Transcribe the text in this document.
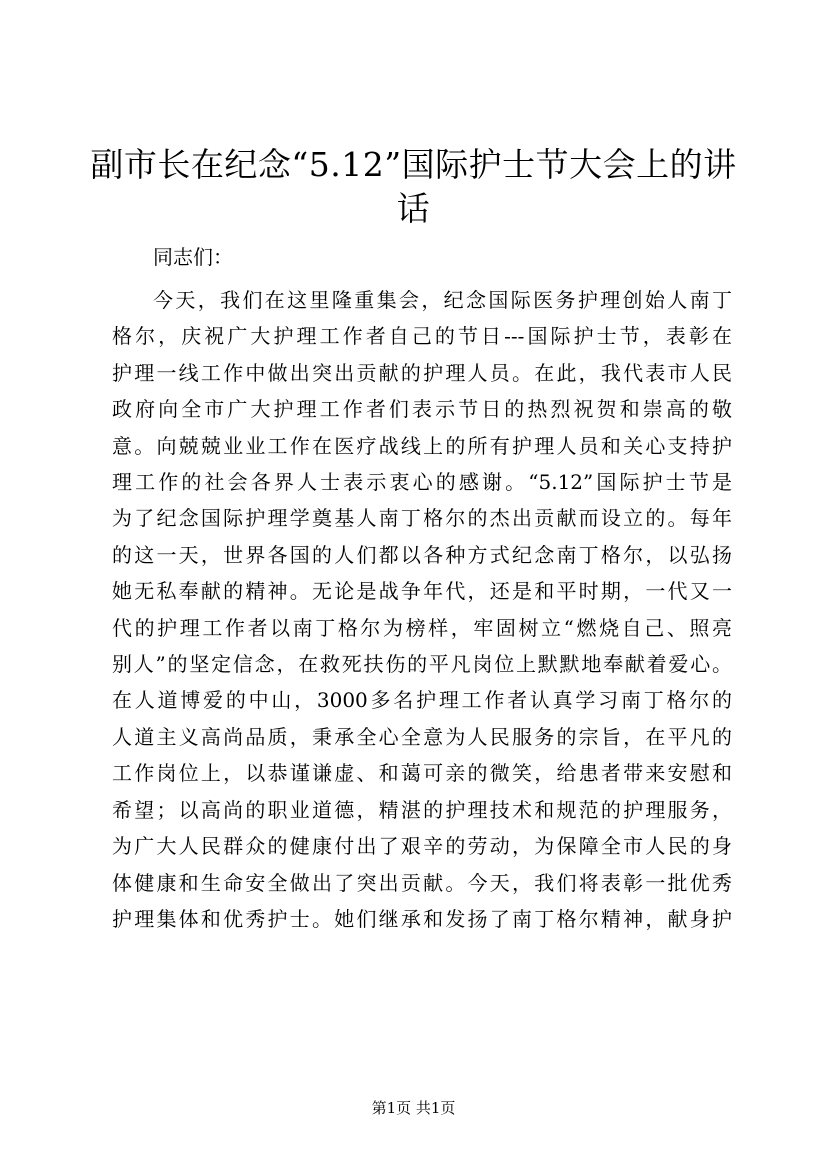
副市长在纪念“5.12”国际护士节大会上的讲
话

同志们：

今天，我们在这里隆重集会，纪念国际医务护理创始人南丁
格尔，庆祝广大护理工作者自己的节日---国际护士节，表彰在
护理一线工作中做出突出贡献的护理人员。在此，我代表市人民
政府向全市广大护理工作者们表示节日的热烈祝贺和崇高的敬
意。向兢兢业业工作在医疗战线上的所有护理人员和关心支持护
理工作的社会各界人士表示衷心的感谢。“5.12”国际护士节是
为了纪念国际护理学奠基人南丁格尔的杰出贡献而设立的。每年
的这一天，世界各国的人们都以各种方式纪念南丁格尔，以弘扬
她无私奉献的精神。无论是战争年代，还是和平时期，一代又一
代的护理工作者以南丁格尔为榜样，牢固树立“燃烧自己、照亮
别人”的坚定信念，在救死扶伤的平凡岗位上默默地奉献着爱心。
在人道博爱的中山，3000多名护理工作者认真学习南丁格尔的
人道主义高尚品质，秉承全心全意为人民服务的宗旨，在平凡的
工作岗位上，以恭谨谦虚、和蔼可亲的微笑，给患者带来安慰和
希望；以高尚的职业道德，精湛的护理技术和规范的护理服务，
为广大人民群众的健康付出了艰辛的劳动，为保障全市人民的身
体健康和生命安全做出了突出贡献。今天，我们将表彰一批优秀
护理集体和优秀护士。她们继承和发扬了南丁格尔精神，献身护

第1页 共1页
